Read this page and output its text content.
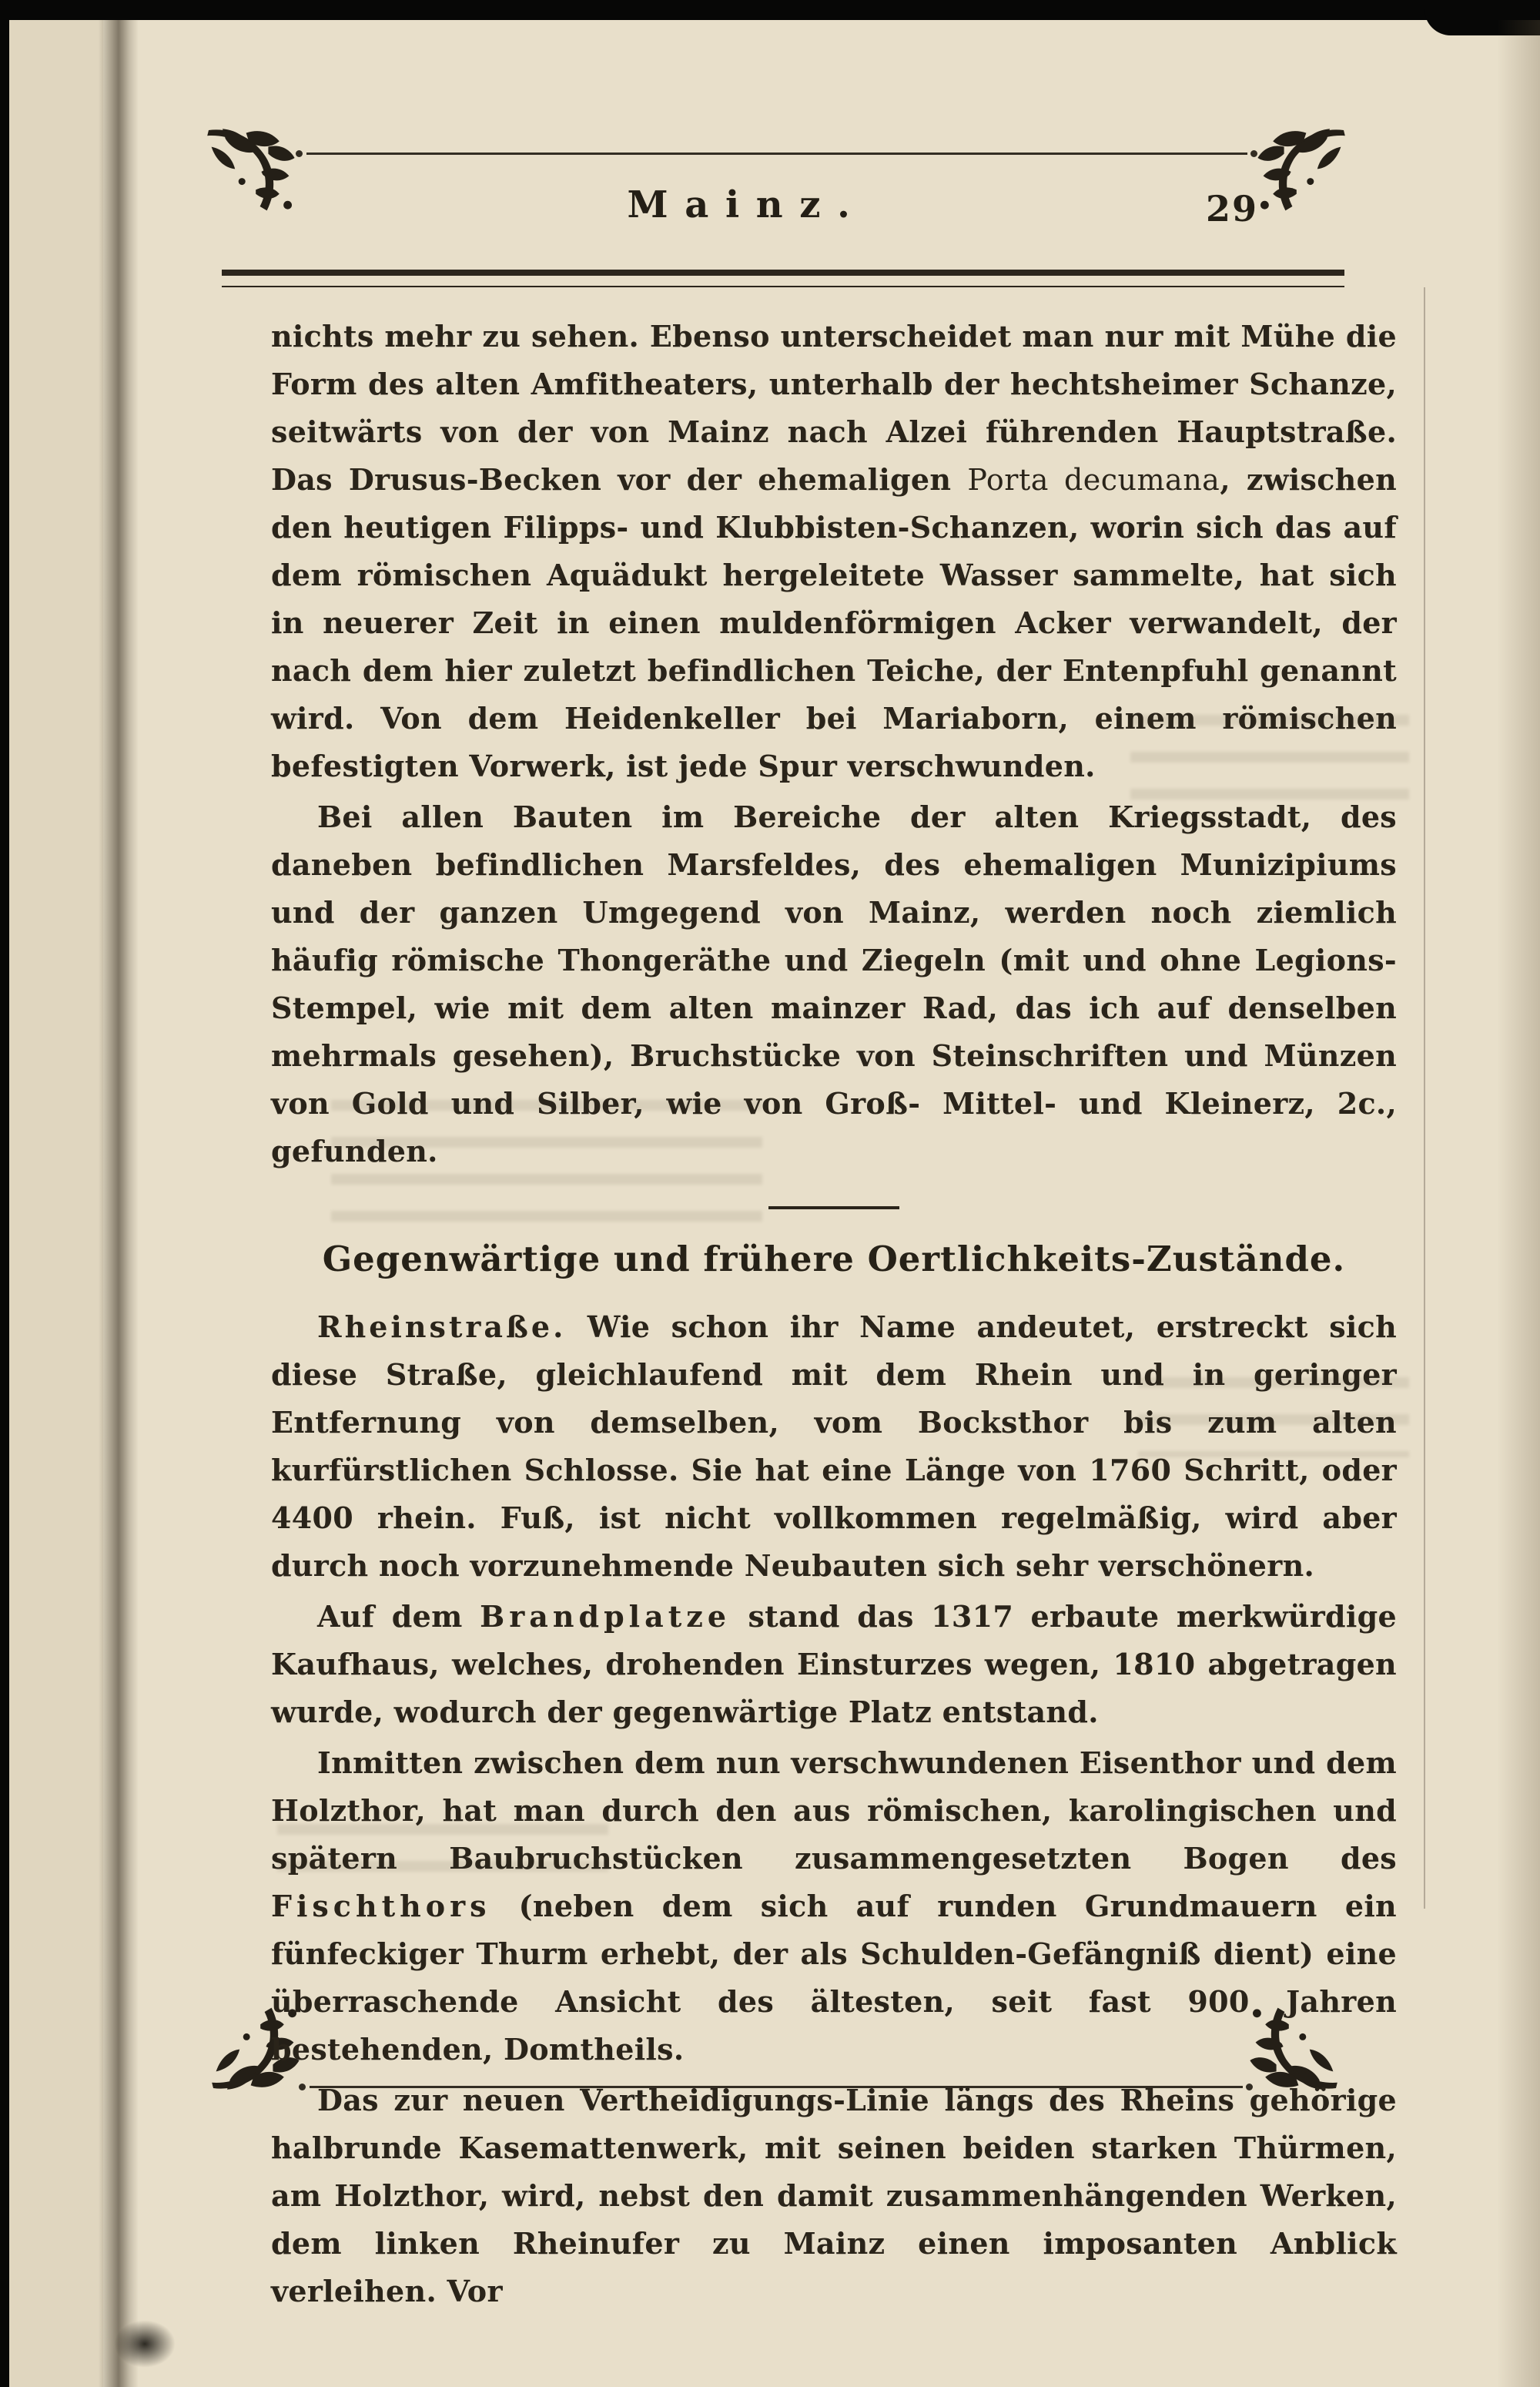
Mainz.	29

nichts mehr zu sehen. Ebenso unterscheidet man nur mit Mühe die Form des alten Amfitheaters, unterhalb der hechtsheimer Schanze, seitwärts von der von Mainz nach Alzei führenden Hauptstraße. Das Drusus-Becken vor der ehemaligen Porta decumana, zwischen den heutigen Filipps- und Klubbisten-Schanzen, worin sich das auf dem römischen Aquädukt hergeleitete Wasser sammelte, hat sich in neuerer Zeit in einen muldenförmigen Acker verwandelt, der nach dem hier zuletzt befindlichen Teiche, der Entenpfuhl genannt wird. Von dem Heidenkeller bei Mariaborn, einem römischen befestigten Vorwerk, ist jede Spur verschwunden.

Bei allen Bauten im Bereiche der alten Kriegsstadt, des daneben befindlichen Marsfeldes, des ehemaligen Munizipiums und der ganzen Umgegend von Mainz, werden noch ziemlich häufig römische Thongeräthe und Ziegeln (mit und ohne Legions-Stempel, wie mit dem alten mainzer Rad, das ich auf denselben mehrmals gesehen), Bruchstücke von Steinschriften und Münzen von Gold und Silber, wie von Groß- Mittel- und Kleinerz, 2c., gefunden.

Gegenwärtige und frühere Oertlichkeits-Zustände.

Rheinstraße. Wie schon ihr Name andeutet, erstreckt sich diese Straße, gleichlaufend mit dem Rhein und in geringer Entfernung von demselben, vom Bocksthor bis zum alten kurfürstlichen Schlosse. Sie hat eine Länge von 1760 Schritt, oder 4400 rhein. Fuß, ist nicht vollkommen regelmäßig, wird aber durch noch vorzunehmende Neubauten sich sehr verschönern.

Auf dem Brandplatze stand das 1317 erbaute merkwürdige Kaufhaus, welches, drohenden Einsturzes wegen, 1810 abgetragen wurde, wodurch der gegenwärtige Platz entstand.

Inmitten zwischen dem nun verschwundenen Eisenthor und dem Holzthor, hat man durch den aus römischen, karolingischen und spätern Baubruchstücken zusammengesetzten Bogen des Fischthors (neben dem sich auf runden Grundmauern ein fünfeckiger Thurm erhebt, der als Schulden-Gefängniß dient) eine überraschende Ansicht des ältesten, seit fast 900 Jahren bestehenden, Domtheils.

Das zur neuen Vertheidigungs-Linie längs des Rheins gehörige halbrunde Kasemattenwerk, mit seinen beiden starken Thürmen, am Holzthor, wird, nebst den damit zusammenhängenden Werken, dem linken Rheinufer zu Mainz einen imposanten Anblick verleihen. Vor
